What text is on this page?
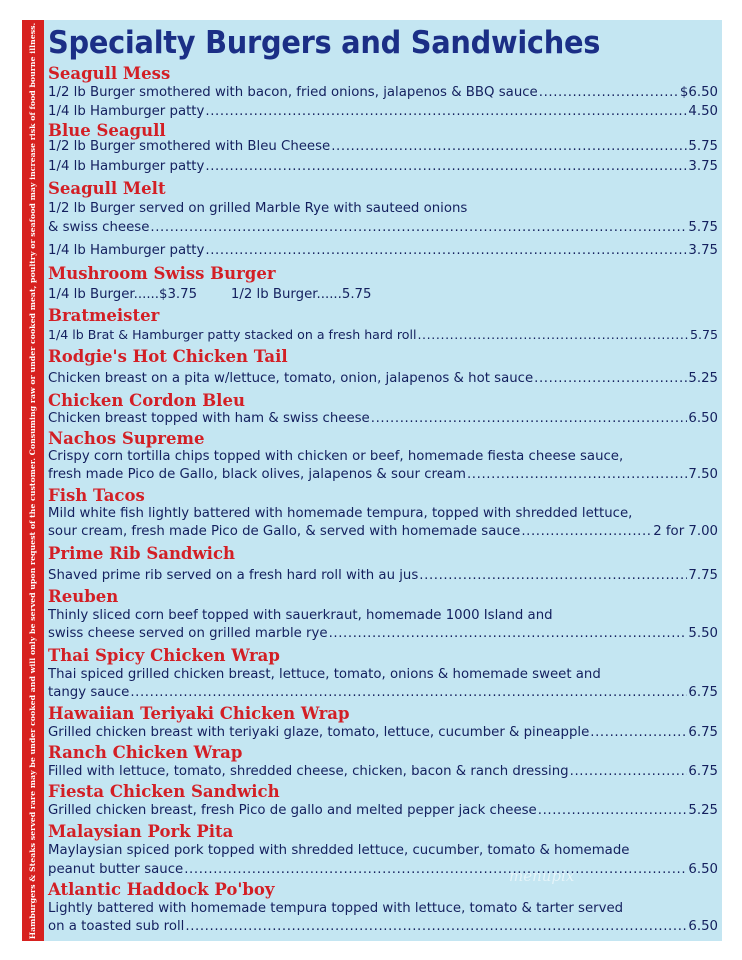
Hamburgers & Steaks served rare may be under cooked and will only be served upon request of the customer. Consuming raw or under cooked meat, poultry or seafood may increase risk of food bourne illness. Specialty Burgers and Sandwiches
Seagull Mess
1/2 lb Burger smothered with bacon, fried onions, jalapenos & BBQ sauce .....	$6.50
1/4 lb Hamburger patty .....	4.50
Blue Seagull
1/2 lb Burger smothered with Bleu Cheese .....	5.75
1/4 lb Hamburger patty .....	3.75
Seagull Melt
1/2 lb Burger served on grilled Marble Rye with sauteed onions
& swiss cheese .....	5.75
1/4 lb Hamburger patty .....	3.75
Mushroom Swiss Burger
1/4 lb Burger......$3.75        1/2 lb Burger......5.75
Bratmeister
1/4 lb Brat & Hamburger patty stacked on a fresh hard roll .....	5.75
Rodgie's Hot Chicken Tail
Chicken breast on a pita w/lettuce, tomato, onion, jalapenos & hot sauce .....	5.25
Chicken Cordon Bleu
Chicken breast topped with ham & swiss cheese .....	6.50
Nachos Supreme
Crispy corn tortilla chips topped with chicken or beef, homemade fiesta cheese sauce,
fresh made Pico de Gallo, black olives, jalapenos & sour cream .....	7.50
Fish Tacos
Mild white fish lightly battered with homemade tempura, topped with shredded lettuce,
sour cream, fresh made Pico de Gallo, & served with homemade sauce .....	2 for 7.00
Prime Rib Sandwich
Shaved prime rib served on a fresh hard roll with au jus .....	7.75
Reuben
Thinly sliced corn beef topped with sauerkraut, homemade 1000 Island and
swiss cheese served on grilled marble rye .....	5.50
Thai Spicy Chicken Wrap
Thai spiced grilled chicken breast, lettuce, tomato, onions & homemade sweet and
tangy sauce .....	6.75
Hawaiian Teriyaki Chicken Wrap
Grilled chicken breast with teriyaki glaze, tomato, lettuce, cucumber & pineapple .....	6.75
Ranch Chicken Wrap
Filled with lettuce, tomato, shredded cheese, chicken, bacon & ranch dressing .....	6.75
Fiesta Chicken Sandwich
Grilled chicken breast, fresh Pico de gallo and melted pepper jack cheese .....	5.25
Malaysian Pork Pita
Maylaysian spiced pork topped with shredded lettuce, cucumber, tomato & homemade
peanut butter sauce .....	6.50
Atlantic Haddock Po'boy
Lightly battered with homemade tempura topped with lettuce, tomato & tarter served
on a toasted sub roll .....	6.50
menupix
